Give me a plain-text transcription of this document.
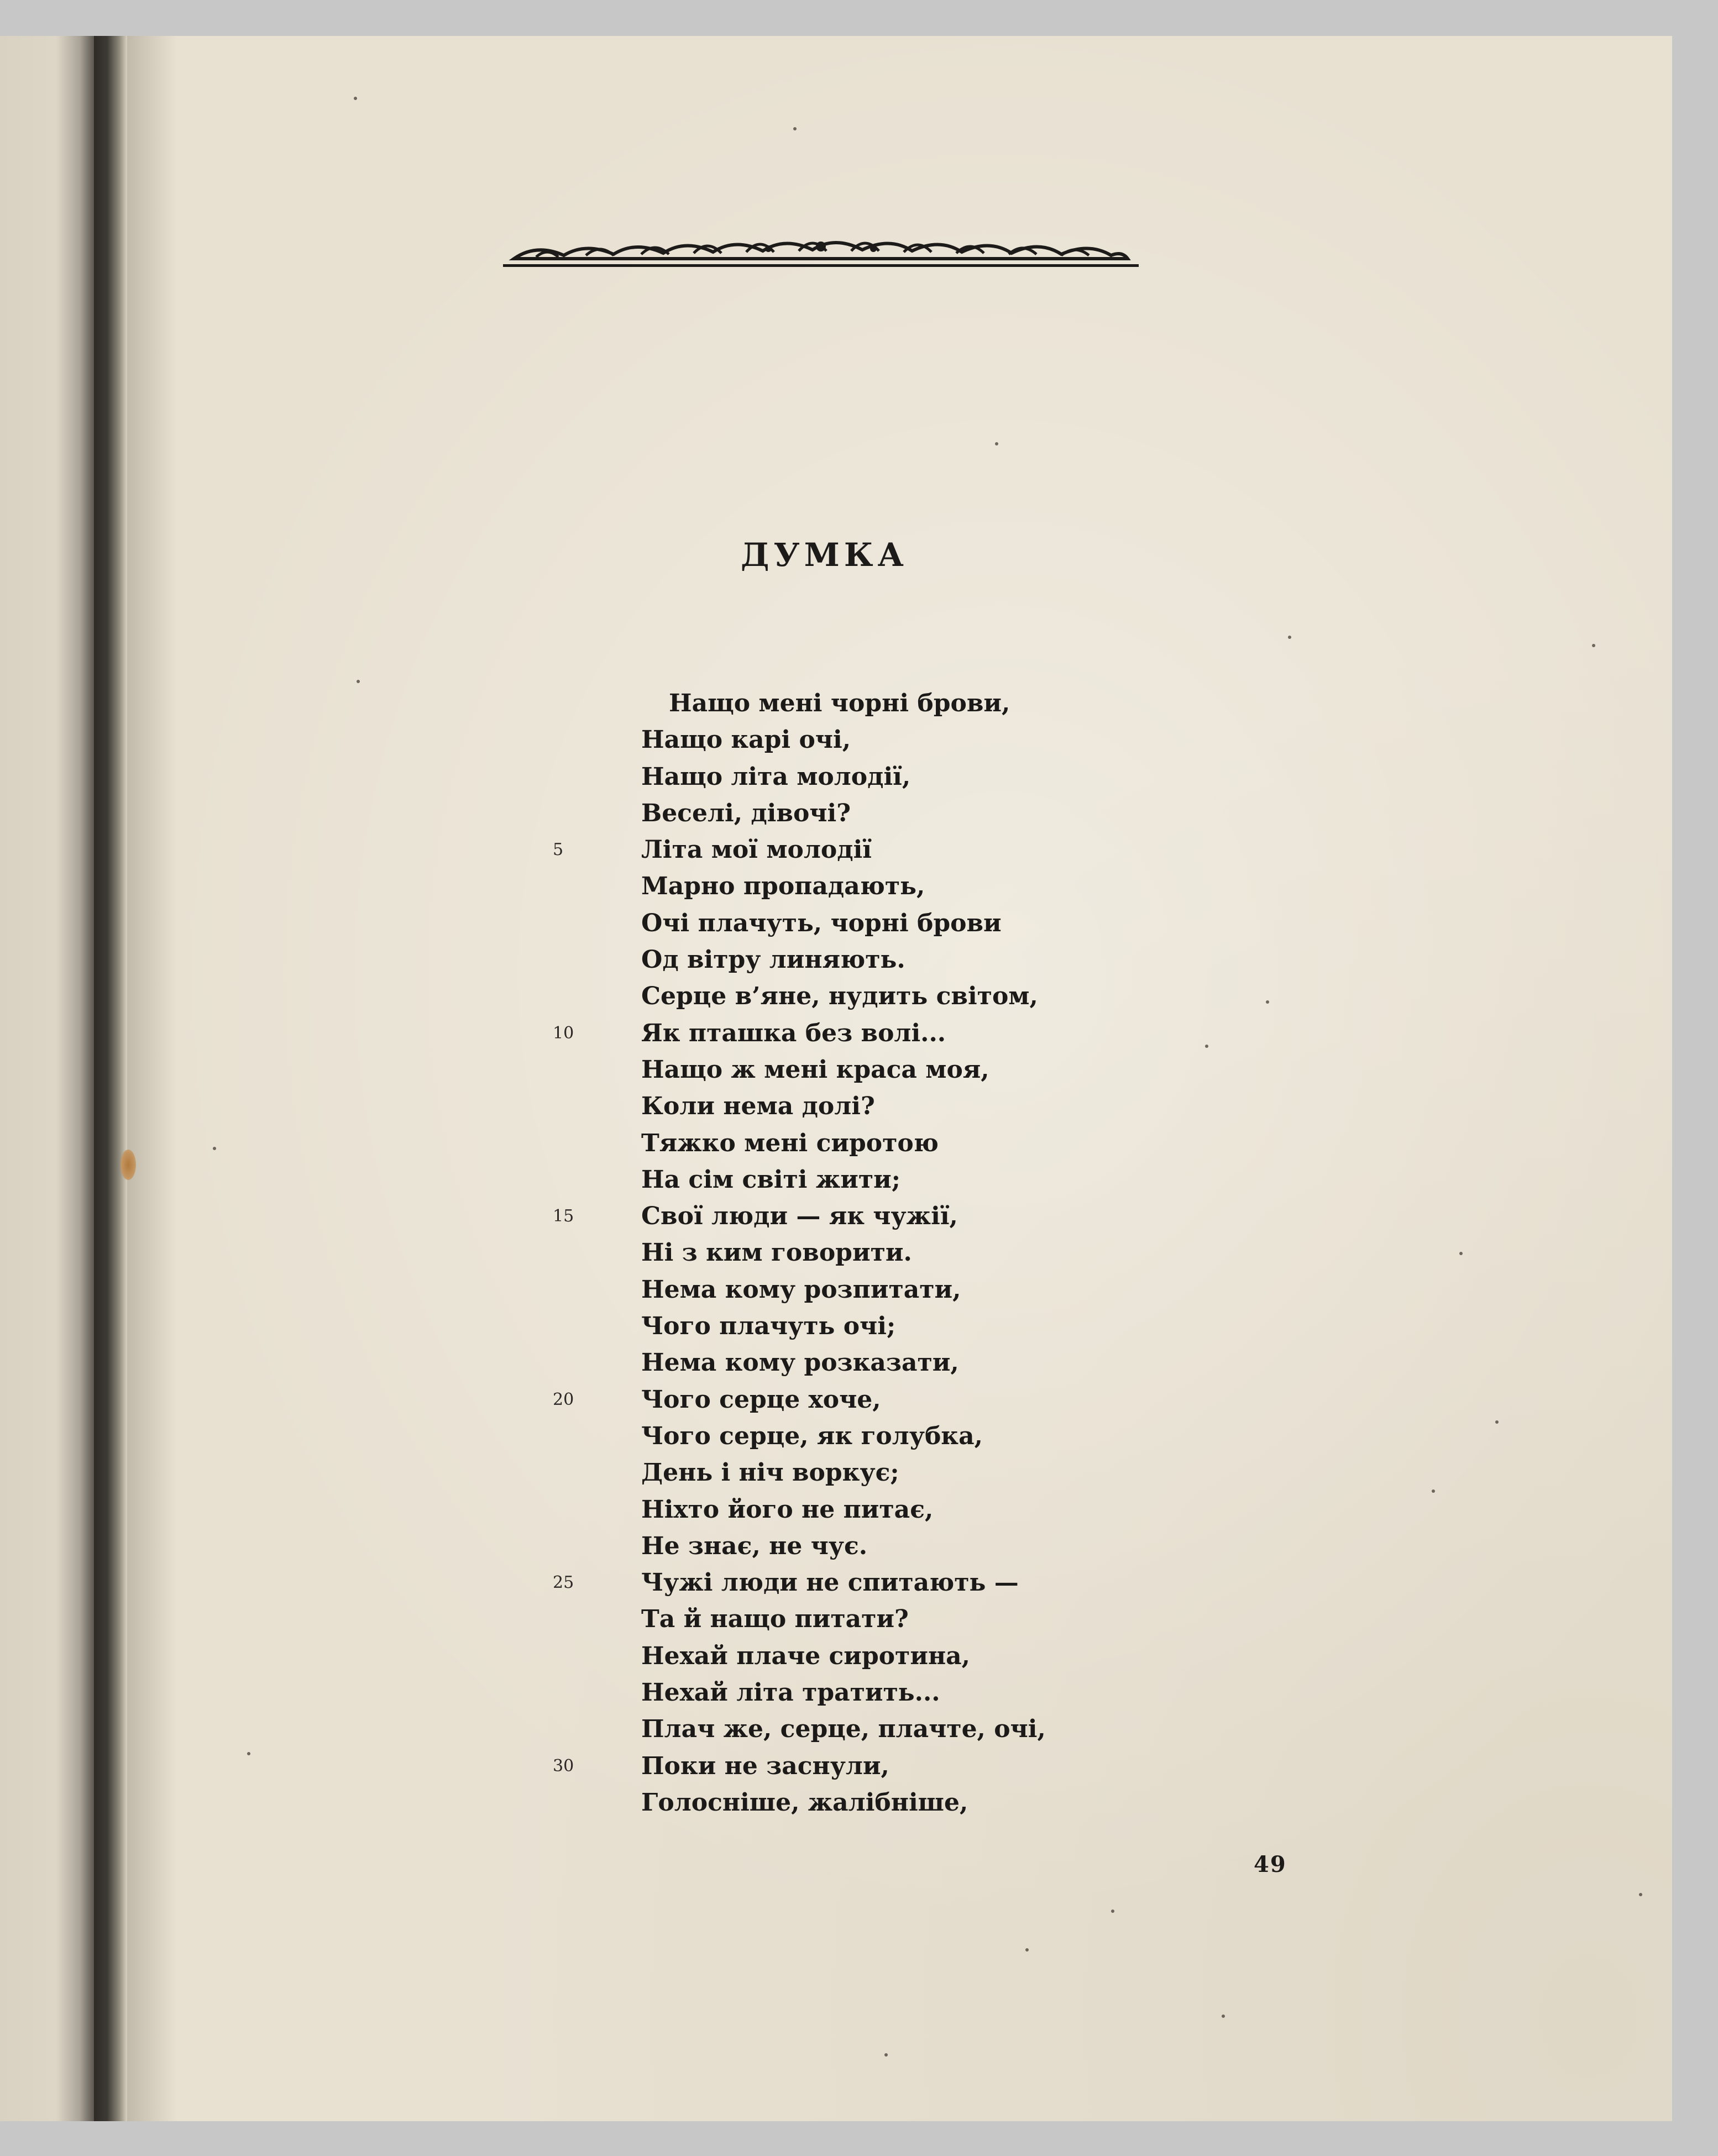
ДУМКА
Нащо мені чорні брови,
Нащо карі очі,
Нащо літа молодії,
Веселі, дівочі?
5	Літа мої молодії
Марно пропадають,
Очі плачуть, чорні брови
Од вітру линяють.
Серце в’яне, нудить світом,
10	Як пташка без волі...
Нащо ж мені краса моя,
Коли нема долі?
Тяжко мені сиротою
На сім світі жити;
15	Свої люди — як чужії,
Ні з ким говорити.
Нема кому розпитати,
Чого плачуть очі;
Нема кому розказати,
20	Чого серце хоче,
Чого серце, як голубка,
День і ніч воркує;
Ніхто його не питає,
Не знає, не чує.
25	Чужі люди не спитають —
Та й нащо питати?
Нехай плаче сиротина,
Нехай літа тратить...
Плач же, серце, плачте, очі,
30	Поки не заснули,
Голосніше, жалібніше,
49
